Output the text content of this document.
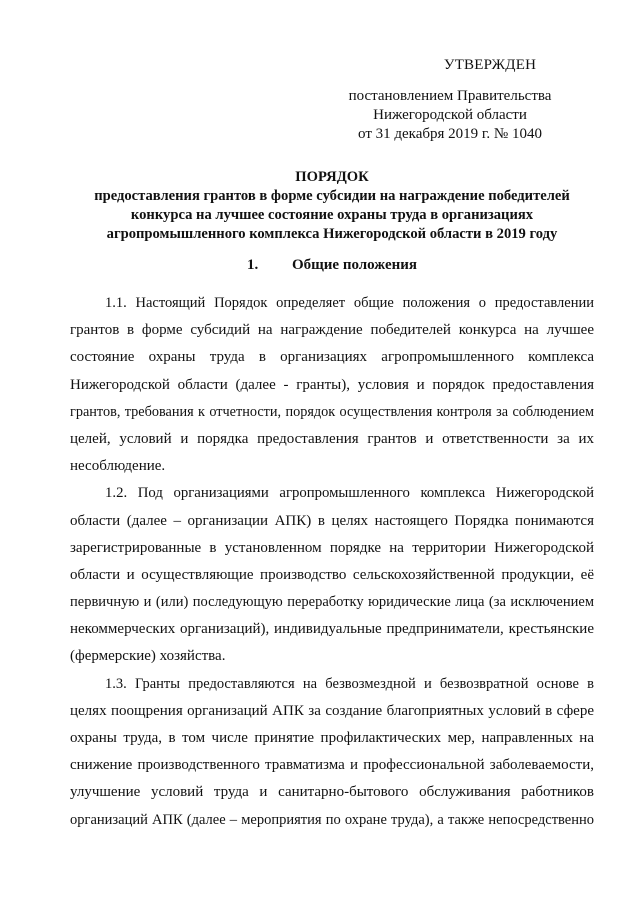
УТВЕРЖДЕН
постановлением Правительства
Нижегородской области
от 31 декабря 2019 г. № 1040
ПОРЯДОК
предоставления грантов в форме субсидии на награждение победителей
конкурса на лучшее состояние охраны труда в организациях
агропромышленного комплекса Нижегородской области в 2019 году
1. Общие положения
1.1. Настоящий Порядок определяет общие положения о предоставлении
грантов в форме субсидий на награждение победителей конкурса на лучшее
состояние охраны труда в организациях агропромышленного комплекса
Нижегородской области (далее - гранты), условия и порядок предоставления
грантов, требования к отчетности, порядок осуществления контроля за соблюдением
целей, условий и порядка предоставления грантов и ответственности за их
несоблюдение.
1.2. Под организациями агропромышленного комплекса Нижегородской
области (далее – организации АПК) в целях настоящего Порядка понимаются
зарегистрированные в установленном порядке на территории Нижегородской
области и осуществляющие производство сельскохозяйственной продукции, её
первичную и (или) последующую переработку юридические лица (за исключением
некоммерческих организаций), индивидуальные предприниматели, крестьянские
(фермерские) хозяйства.
1.3. Гранты предоставляются на безвозмездной и безвозвратной основе в
целях поощрения организаций АПК за создание благоприятных условий в сфере
охраны труда, в том числе принятие профилактических мер, направленных на
снижение производственного травматизма и профессиональной заболеваемости,
улучшение условий труда и санитарно-бытового обслуживания работников
организаций АПК (далее – мероприятия по охране труда), а также непосредственно
